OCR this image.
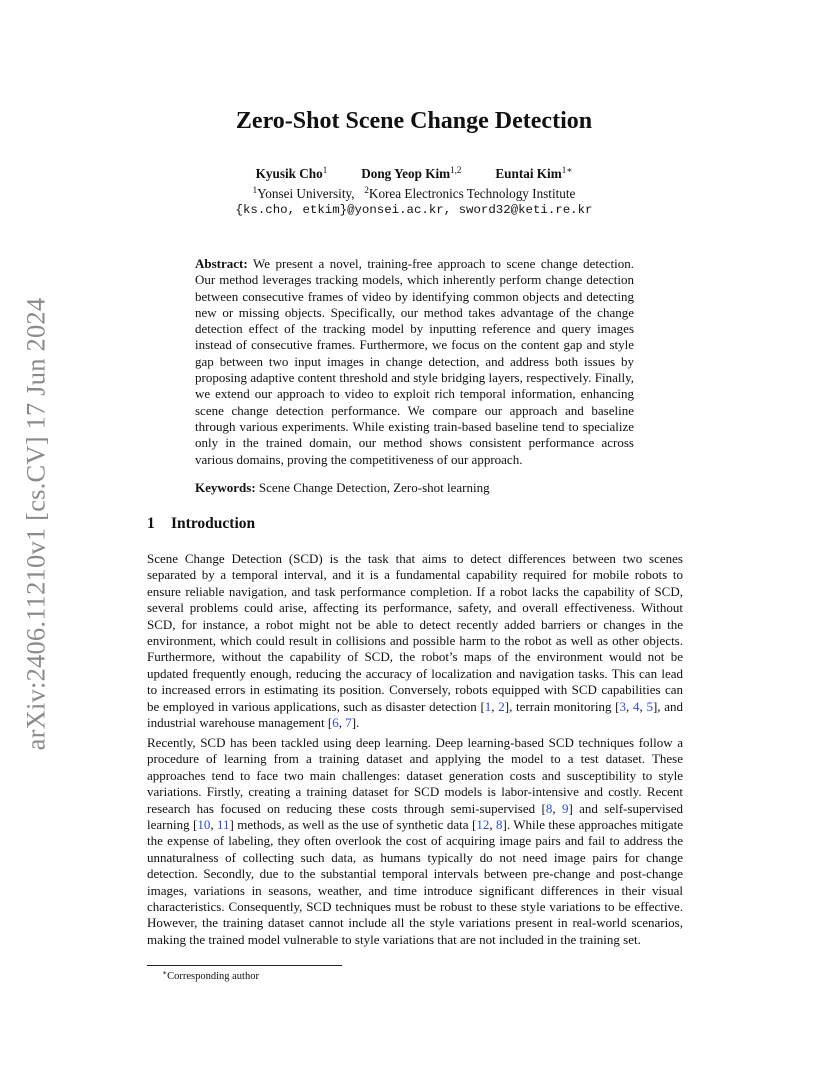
arXiv:2406.11210v1 [cs.CV] 17 Jun 2024
Zero-Shot Scene Change Detection
Kyusik Cho$^1$	Dong Yeop Kim$^{1,2}$	Euntai Kim$^{1∗}$
$^1$Yonsei University, $^2$Korea Electronics Technology Institute
{ks.cho, etkim}@yonsei.ac.kr, sword32@keti.re.kr
Abstract: We present a novel, training-free approach to scene change detection. Our method leverages tracking models, which inherently perform change detection between consecutive frames of video by identifying common objects and detecting new or missing objects. Specifically, our method takes advantage of the change detection effect of the tracking model by inputting reference and query images instead of consecutive frames. Furthermore, we focus on the content gap and style gap between two input images in change detection, and address both issues by proposing adaptive content threshold and style bridging layers, respectively. Finally, we extend our approach to video to exploit rich temporal information, enhancing scene change detection performance. We compare our approach and baseline through various experiments. While existing train-based baseline tend to specialize only in the trained domain, our method shows consistent performance across various domains, proving the competitiveness of our approach.
Keywords: Scene Change Detection, Zero-shot learning
1 Introduction
Scene Change Detection (SCD) is the task that aims to detect differences between two scenes separated by a temporal interval, and it is a fundamental capability required for mobile robots to ensure reliable navigation, and task performance completion. If a robot lacks the capability of SCD, several problems could arise, affecting its performance, safety, and overall effectiveness. Without SCD, for instance, a robot might not be able to detect recently added barriers or changes in the environment, which could result in collisions and possible harm to the robot as well as other objects. Furthermore, without the capability of SCD, the robot’s maps of the environment would not be updated frequently enough, reducing the accuracy of localization and navigation tasks. This can lead to increased errors in estimating its position. Conversely, robots equipped with SCD capabilities can be employed in various applications, such as disaster detection [1, 2], terrain monitoring [3, 4, 5], and industrial warehouse management [6, 7].
Recently, SCD has been tackled using deep learning. Deep learning-based SCD techniques follow a procedure of learning from a training dataset and applying the model to a test dataset. These approaches tend to face two main challenges: dataset generation costs and susceptibility to style variations. Firstly, creating a training dataset for SCD models is labor-intensive and costly. Recent research has focused on reducing these costs through semi-supervised [8, 9] and self-supervised learning [10, 11] methods, as well as the use of synthetic data [12, 8]. While these approaches mitigate the expense of labeling, they often overlook the cost of acquiring image pairs and fail to address the unnaturalness of collecting such data, as humans typically do not need image pairs for change detection. Secondly, due to the substantial temporal intervals between pre-change and post-change images, variations in seasons, weather, and time introduce significant differences in their visual characteristics. Consequently, SCD techniques must be robust to these style variations to be effective. However, the training dataset cannot include all the style variations present in real-world scenarios, making the trained model vulnerable to style variations that are not included in the training set.
∗Corresponding author
